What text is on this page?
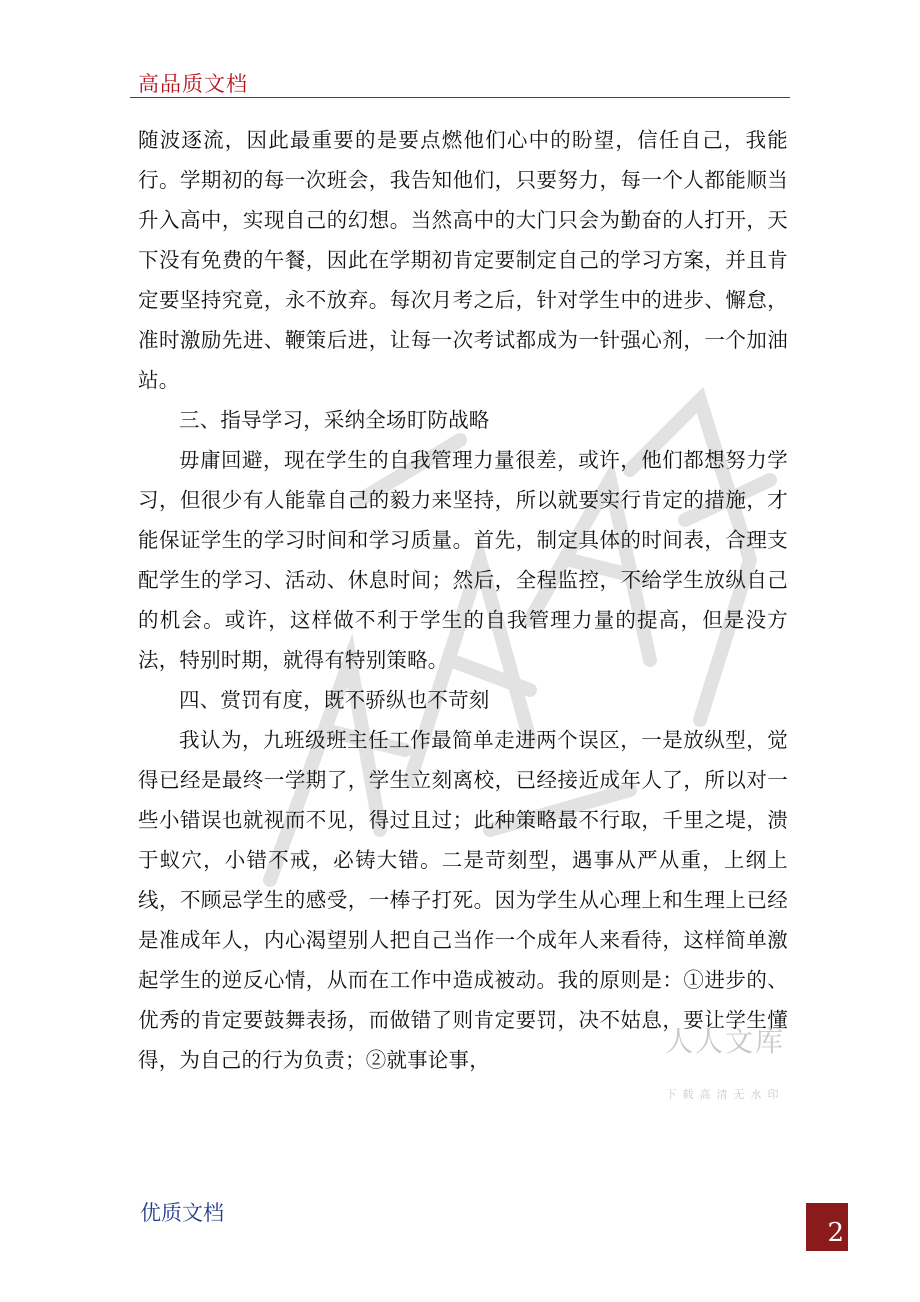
高品质文档

随波逐流，因此最重要的是要点燃他们心中的盼望，信任自己，我能行。学期初的每一次班会，我告知他们，只要努力，每一个人都能顺当升入高中，实现自己的幻想。当然高中的大门只会为勤奋的人打开，天下没有免费的午餐，因此在学期初肯定要制定自己的学习方案，并且肯定要坚持究竟，永不放弃。每次月考之后，针对学生中的进步、懈怠，准时激励先进、鞭策后进，让每一次考试都成为一针强心剂，一个加油站。

三、指导学习，采纳全场盯防战略

毋庸回避，现在学生的自我管理力量很差，或许，他们都想努力学习，但很少有人能靠自己的毅力来坚持，所以就要实行肯定的措施，才能保证学生的学习时间和学习质量。首先，制定具体的时间表，合理支配学生的学习、活动、休息时间；然后，全程监控，不给学生放纵自己的机会。或许，这样做不利于学生的自我管理力量的提高，但是没方法，特别时期，就得有特别策略。

四、赏罚有度，既不骄纵也不苛刻

我认为，九班级班主任工作最简单走进两个误区，一是放纵型，觉得已经是最终一学期了，学生立刻离校，已经接近成年人了，所以对一些小错误也就视而不见，得过且过；此种策略最不行取，千里之堤，溃于蚁穴，小错不戒，必铸大错。二是苛刻型，遇事从严从重，上纲上线，不顾忌学生的感受，一棒子打死。因为学生从心理上和生理上已经是准成年人，内心渴望别人把自己当作一个成年人来看待，这样简单激起学生的逆反心情，从而在工作中造成被动。我的原则是：①进步的、优秀的肯定要鼓舞表扬，而做错了则肯定要罚，决不姑息，要让学生懂得，为自己的行为负责；②就事论事，

人人文库
下载高清无水印
优质文档
2
